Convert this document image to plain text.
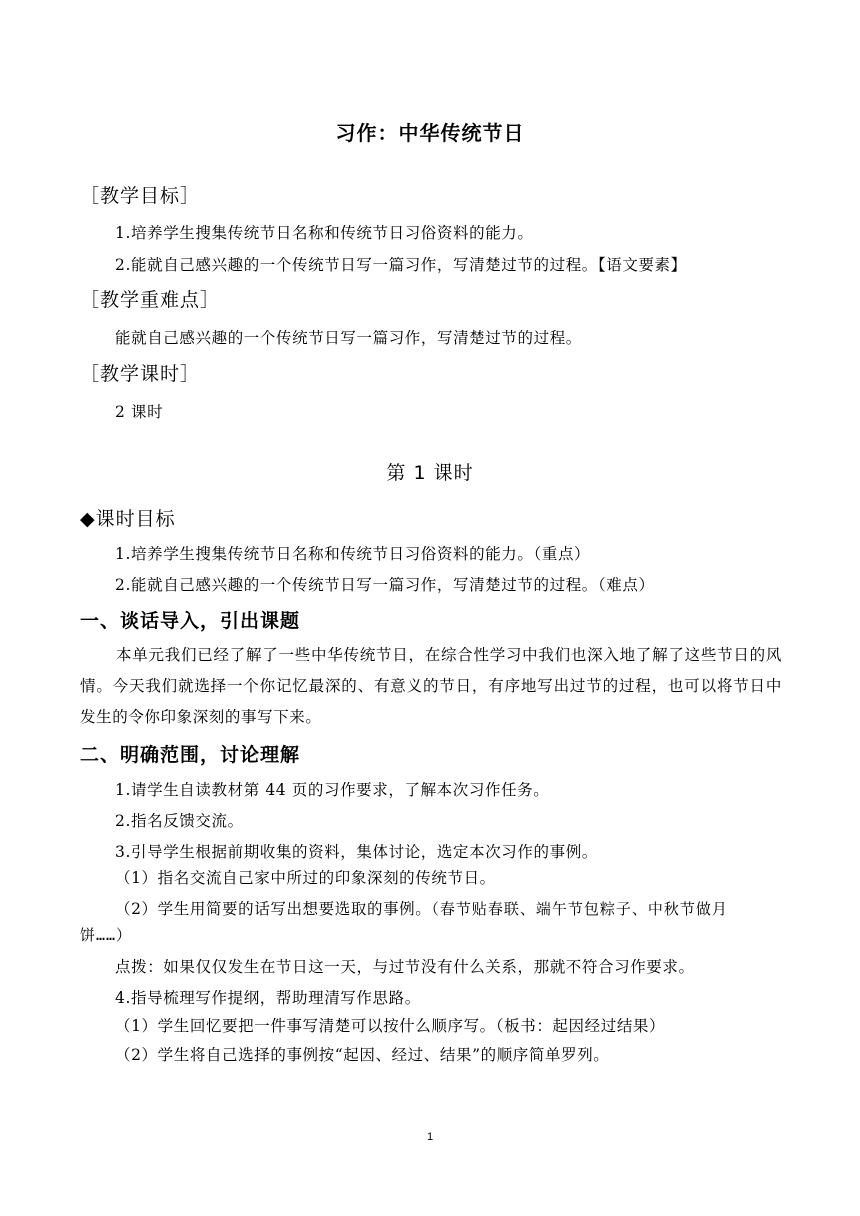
习作：中华传统节日
［教学目标］
1.培养学生搜集传统节日名称和传统节日习俗资料的能力。
2.能就自己感兴趣的一个传统节日写一篇习作，写清楚过节的过程。【语文要素】
［教学重难点］
能就自己感兴趣的一个传统节日写一篇习作，写清楚过节的过程。
［教学课时］
2 课时
第 1 课时
◆课时目标
1.培养学生搜集传统节日名称和传统节日习俗资料的能力。（重点）
2.能就自己感兴趣的一个传统节日写一篇习作，写清楚过节的过程。（难点）
一、谈话导入，引出课题
本单元我们已经了解了一些中华传统节日，在综合性学习中我们也深入地了解了这些节日的风情。今天我们就选择一个你记忆最深的、有意义的节日，有序地写出过节的过程，也可以将节日中发生的令你印象深刻的事写下来。
二、明确范围，讨论理解
1.请学生自读教材第 44 页的习作要求，了解本次习作任务。
2.指名反馈交流。
3.引导学生根据前期收集的资料，集体讨论，选定本次习作的事例。
（1）指名交流自己家中所过的印象深刻的传统节日。
（2）学生用简要的话写出想要选取的事例。（春节贴春联、端午节包粽子、中秋节做月
饼……）
点拨：如果仅仅发生在节日这一天，与过节没有什么关系，那就不符合习作要求。
4.指导梳理写作提纲，帮助理清写作思路。
（1）学生回忆要把一件事写清楚可以按什么顺序写。（板书：起因经过结果）
（2）学生将自己选择的事例按“起因、经过、结果”的顺序简单罗列。
1
